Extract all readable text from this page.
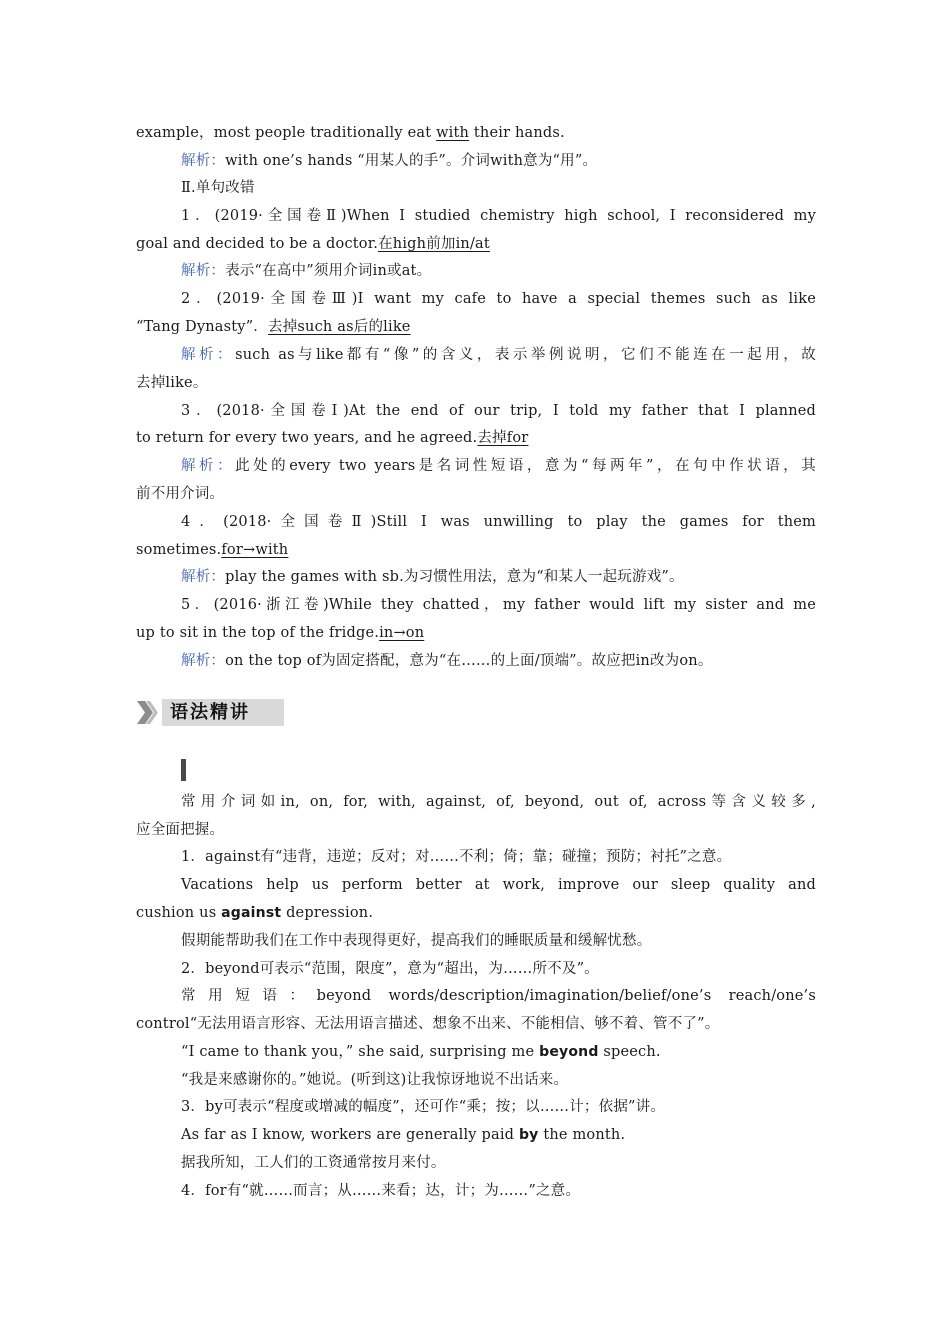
example，most people traditionally eat with their hands.
解析：with one’s hands “用某人的手”。介词with意为“用”。
Ⅱ.单句改错
1．(2019·全国卷Ⅱ)When I studied chemistry high school, I reconsidered my
goal and decided to be a doctor.在high前加in/at
解析：表示“在高中”须用介词in或at。
2．(2019·全国卷Ⅲ)I want my cafe to have a special themes such as like
“Tang Dynasty”．去掉such as后的like
解析：such as与like都有“像”的含义，表示举例说明，它们不能连在一起用，故
去掉like。
3．(2018·全国卷Ⅰ)At the end of our trip, I told my father that I planned
to return for every two years, and he agreed.去掉for
解析：此处的every two years是名词性短语，意为“每两年”，在句中作状语，其
前不用介词。
4．(2018·全国卷Ⅱ)Still I was unwilling to play the games for them
sometimes.for→with
解析：play the games with sb.为习惯性用法，意为“和某人一起玩游戏”。
5．(2016·浙江卷)While they chatted，my father would lift my sister and me
up to sit in the top of the fridge.in→on
解析：on the top of为固定搭配，意为“在……的上面/顶端”。故应把in改为on。
语法精讲
常用介词如in, on, for, with, against, of, beyond, out of, across等含义较多,
应全面把握。
1．against有“违背，违逆；反对；对……不利；倚；靠；碰撞；预防；衬托”之意。
Vacations help us perform better at work, improve our sleep quality and
cushion us against depression.
假期能帮助我们在工作中表现得更好，提高我们的睡眠质量和缓解忧愁。
2．beyond可表示“范围，限度”，意为“超出，为……所不及”。
常用短语：beyond words/description/imagination/belief/one’s reach/one’s
control“无法用语言形容、无法用语言描述、想象不出来、不能相信、够不着、管不了”。
“I came to thank you，” she said, surprising me beyond speech.
“我是来感谢你的。”她说。(听到这)让我惊讶地说不出话来。
3．by可表示“程度或增减的幅度”，还可作“乘；按；以……计；依据”讲。
As far as I know, workers are generally paid by the month.
据我所知，工人们的工资通常按月来付。
4．for有“就……而言；从……来看；达，计；为……”之意。
